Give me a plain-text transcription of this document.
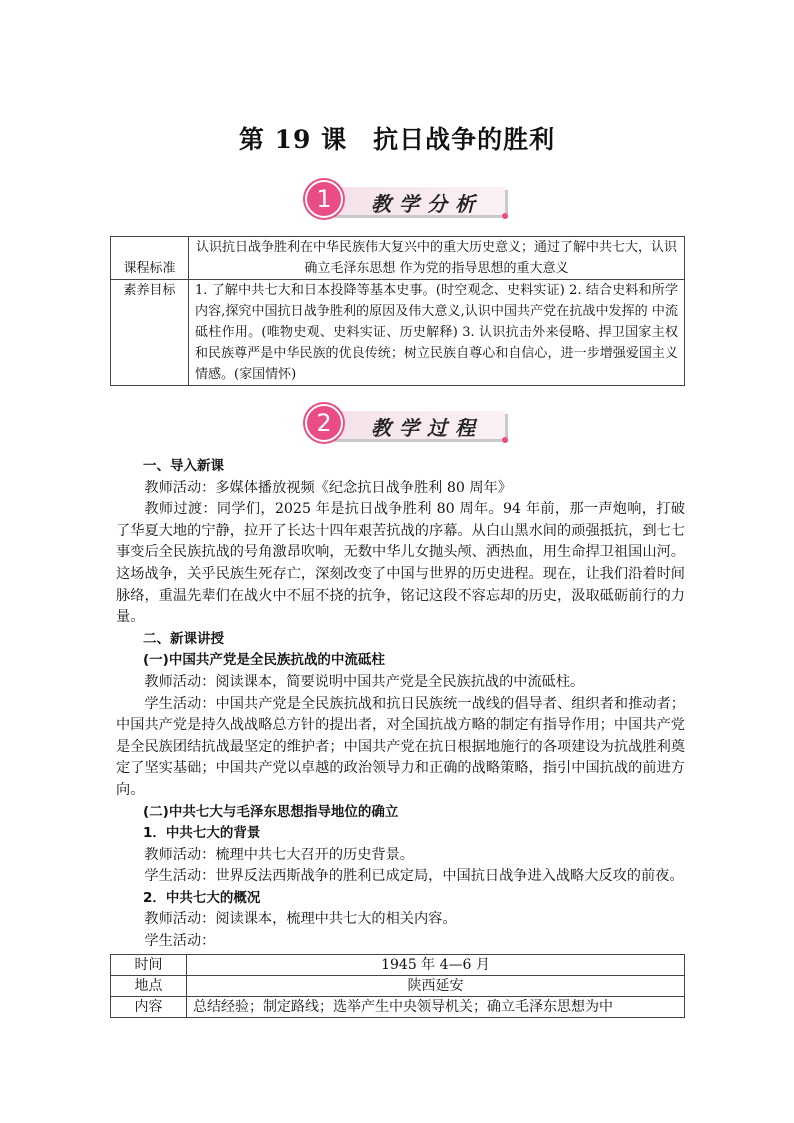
第 19 课　抗日战争的胜利
1	教学分析
课程标准	认识抗日战争胜利在中华民族伟大复兴中的重大历史意义；通过了解中共七大，认识确立毛泽东思想 作为党的指导思想的重大意义
素养目标	1. 了解中共七大和日本投降等基本史事。(时空观念、史料实证) 2. 结合史料和所学内容,探究中国抗日战争胜利的原因及伟大意义,认识中国共产党在抗战中发挥的 中流砥柱作用。(唯物史观、史料实证、历史解释) 3. 认识抗击外来侵略、捍卫国家主权和民族尊严是中华民族的优良传统；树立民族自尊心和自信心，进一步增强爱国主义情感。(家国情怀)
2	教学过程

一、导入新课

教师活动：多媒体播放视频《纪念抗日战争胜利 80 周年》

教师过渡：同学们，2025 年是抗日战争胜利 80 周年。94 年前，那一声炮响，打破了华夏大地的宁静，拉开了长达十四年艰苦抗战的序幕。从白山黑水间的顽强抵抗，到七七事变后全民族抗战的号角激昂吹响，无数中华儿女抛头颅、洒热血，用生命捍卫祖国山河。这场战争，关乎民族生死存亡，深刻改变了中国与世界的历史进程。现在，让我们沿着时间脉络，重温先辈们在战火中不屈不挠的抗争，铭记这段不容忘却的历史，汲取砥砺前行的力量。

二、新课讲授

(一)中国共产党是全民族抗战的中流砥柱

教师活动：阅读课本，简要说明中国共产党是全民族抗战的中流砥柱。

学生活动：中国共产党是全民族抗战和抗日民族统一战线的倡导者、组织者和推动者；中国共产党是持久战战略总方针的提出者，对全国抗战方略的制定有指导作用；中国共产党是全民族团结抗战最坚定的维护者；中国共产党在抗日根据地施行的各项建设为抗战胜利奠定了坚实基础；中国共产党以卓越的政治领导力和正确的战略策略，指引中国抗战的前进方向。

(二)中共七大与毛泽东思想指导地位的确立

1．中共七大的背景

教师活动：梳理中共七大召开的历史背景。

学生活动：世界反法西斯战争的胜利已成定局，中国抗日战争进入战略大反攻的前夜。

2．中共七大的概况

教师活动：阅读课本，梳理中共七大的相关内容。

学生活动：

时间	1945 年 4—6 月
地点	陕西延安
内容	总结经验；制定路线；选举产生中央领导机关；确立毛泽东思想为中
